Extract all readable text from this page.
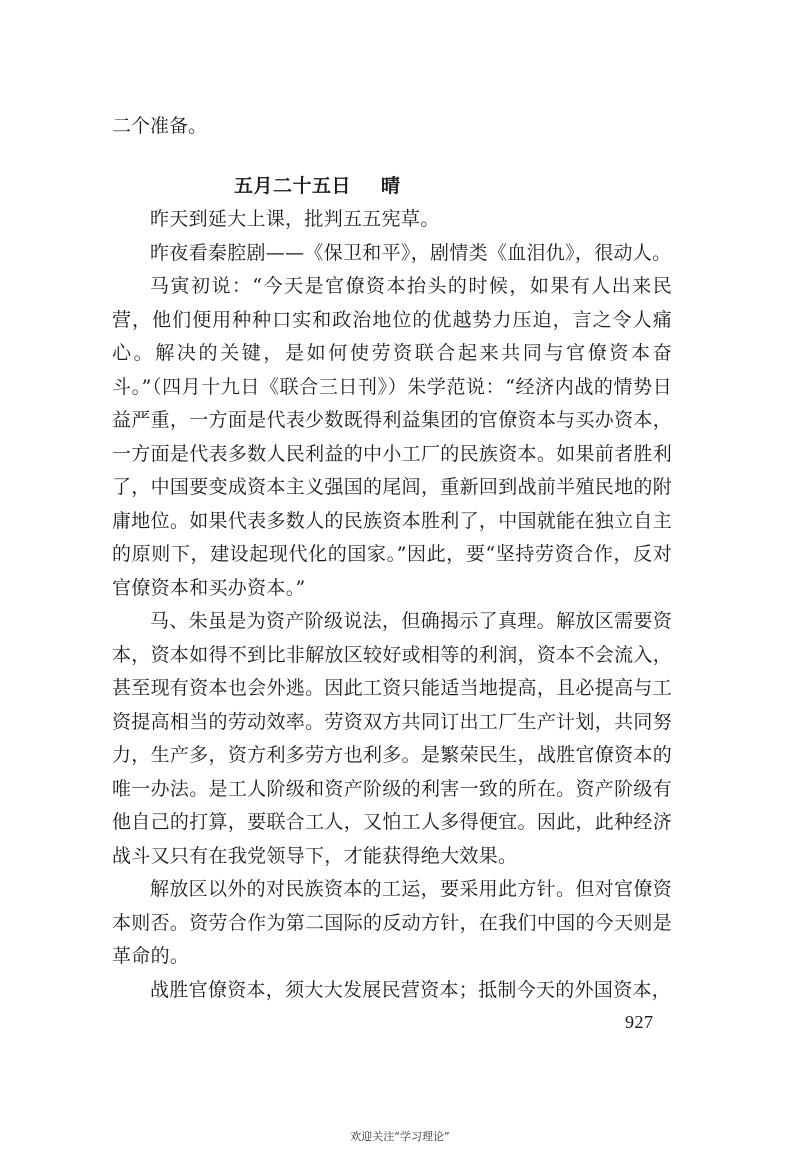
二个准备。
五月二十五日 晴

昨天到延大上课，批判五五宪草。

昨夜看秦腔剧——《保卫和平》，剧情类《血泪仇》，很动人。

马寅初说：“今天是官僚资本抬头的时候，如果有人出来民营，他们便用种种口实和政治地位的优越势力压迫，言之令人痛心。解决的关键，是如何使劳资联合起来共同与官僚资本奋斗。”（四月十九日《联合三日刊》）朱学范说：“经济内战的情势日益严重，一方面是代表少数既得利益集团的官僚资本与买办资本，一方面是代表多数人民利益的中小工厂的民族资本。如果前者胜利了，中国要变成资本主义强国的尾闾，重新回到战前半殖民地的附庸地位。如果代表多数人的民族资本胜利了，中国就能在独立自主的原则下，建设起现代化的国家。”因此，要“坚持劳资合作，反对官僚资本和买办资本。”

马、朱虽是为资产阶级说法，但确揭示了真理。解放区需要资本，资本如得不到比非解放区较好或相等的利润，资本不会流入，甚至现有资本也会外逃。因此工资只能适当地提高，且必提高与工资提高相当的劳动效率。劳资双方共同订出工厂生产计划，共同努力，生产多，资方利多劳方也利多。是繁荣民生，战胜官僚资本的唯一办法。是工人阶级和资产阶级的利害一致的所在。资产阶级有他自己的打算，要联合工人，又怕工人多得便宜。因此，此种经济战斗又只有在我党领导下，才能获得绝大效果。

解放区以外的对民族资本的工运，要采用此方针。但对官僚资本则否。资劳合作为第二国际的反动方针，在我们中国的今天则是革命的。

战胜官僚资本，须大大发展民营资本；抵制今天的外国资本，

927
欢迎关注“学习理论”
